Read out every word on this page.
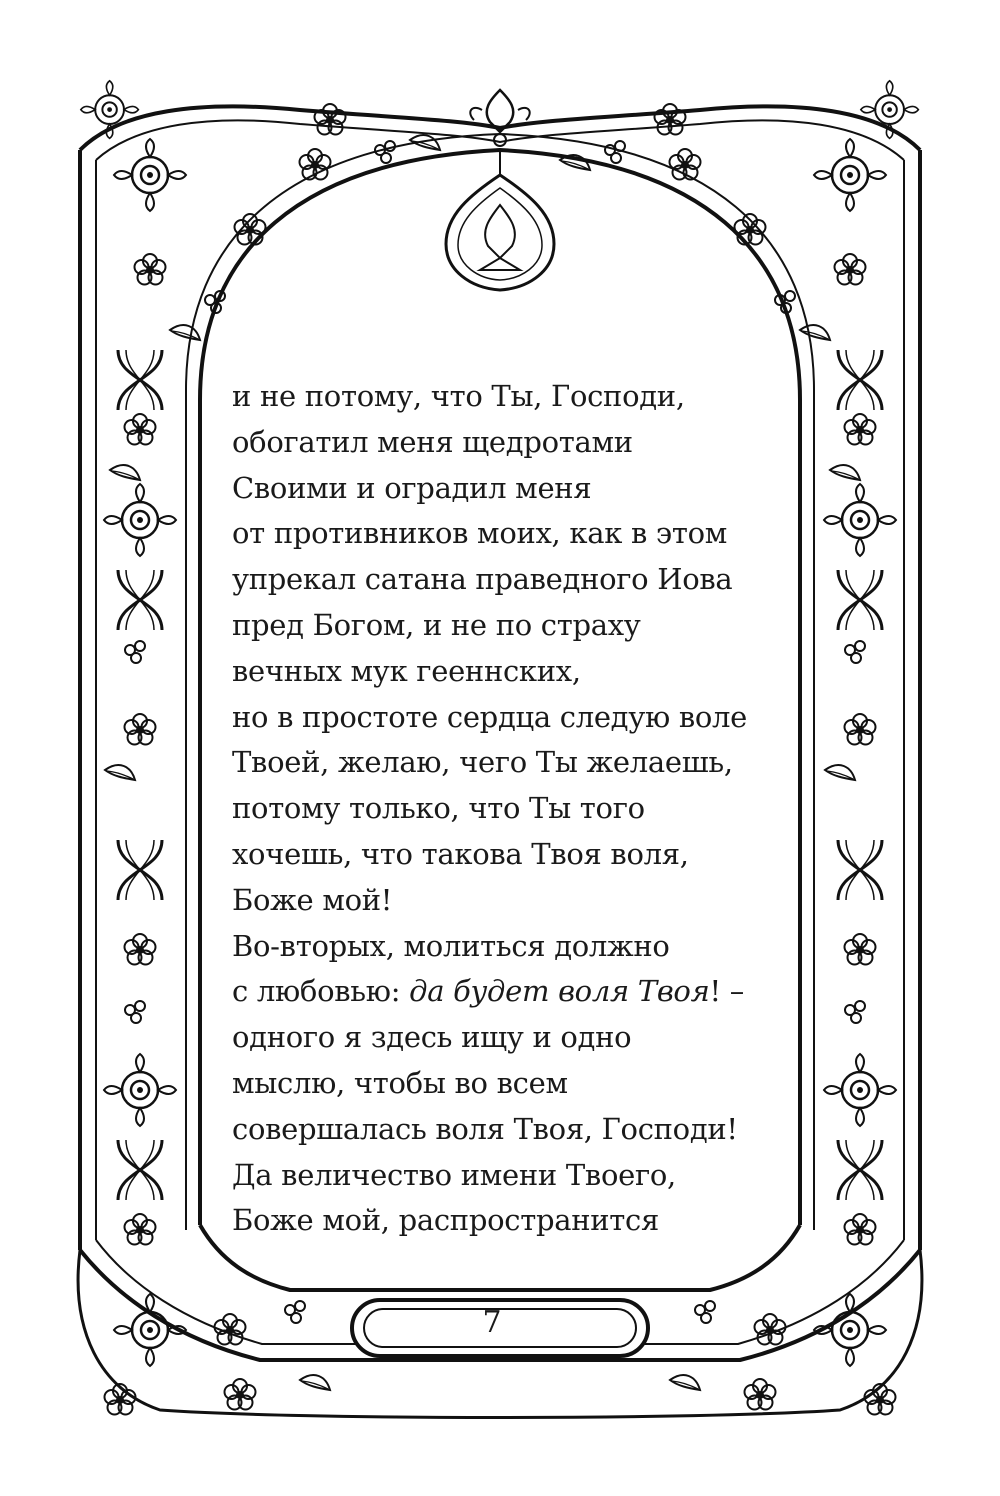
и не потому, что Ты, Господи,
обогатил меня щедротами
Своими и оградил меня
от противников моих, как в этом
упрекал сатана праведного Иова
пред Богом, и не по страху
вечных мук гееннских,
но в простоте сердца следую воле
Твоей, желаю, чего Ты желаешь,
потому только, что Ты того
хочешь, что такова Твоя воля,
Боже мой!
Во-вторых, молиться должно
с любовью: да будет воля Твоя! –
одного я здесь ищу и одно
мыслю, чтобы во всем
совершалась воля Твоя, Господи!
Да величество имени Твоего,
Боже мой, распространится
7
